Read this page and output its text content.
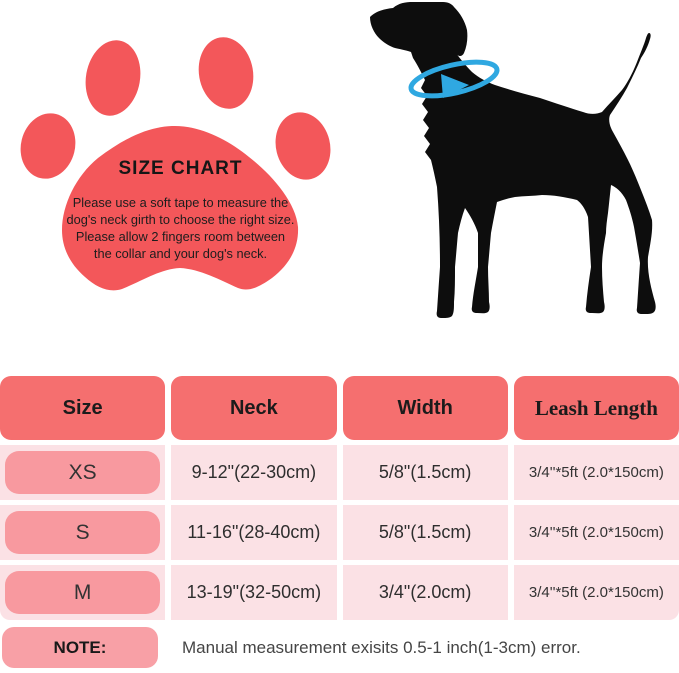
SIZE CHART
Please use a soft tape to measure the
dog's neck girth to choose the right size.
Please allow 2 fingers room between
the collar and your dog's neck.
Size	Neck	Width	Leash Length
XS	9-12"(22-30cm)	5/8"(1.5cm)	3/4''*5ft (2.0*150cm)
S	11-16"(28-40cm)	5/8"(1.5cm)	3/4''*5ft (2.0*150cm)
M	13-19"(32-50cm)	3/4"(2.0cm)	3/4''*5ft (2.0*150cm)
NOTE:	Manual measurement exisits 0.5-1 inch(1-3cm) error.
